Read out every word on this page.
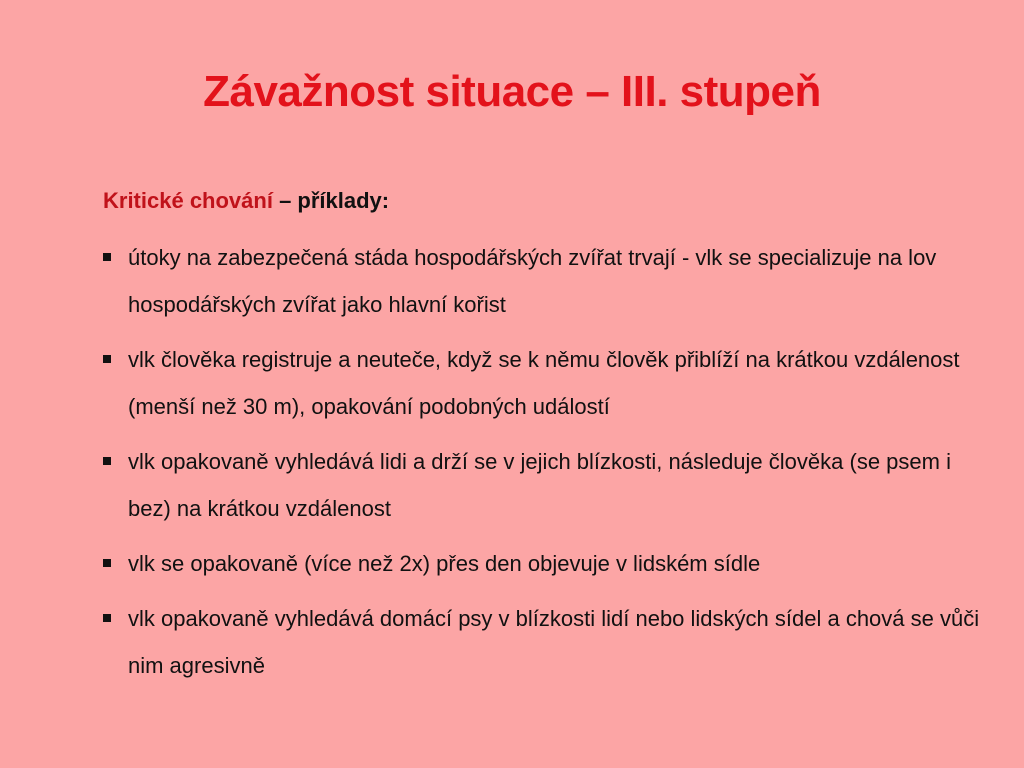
Závažnost situace – III. stupeň
Kritické chování – příklady:
útoky na zabezpečená stáda hospodářských zvířat trvají - vlk se specializuje na lov hospodářských zvířat jako hlavní kořist
vlk člověka registruje a neuteče, když se k němu člověk přiblíží na krátkou vzdálenost (menší než 30 m), opakování podobných událostí
vlk opakovaně vyhledává lidi a drží se v jejich blízkosti, následuje člověka (se psem i bez) na krátkou vzdálenost
vlk se opakovaně (více než 2x) přes den objevuje v lidském sídle
vlk opakovaně vyhledává domácí psy v blízkosti lidí nebo lidských sídel a chová se vůči nim agresivně
